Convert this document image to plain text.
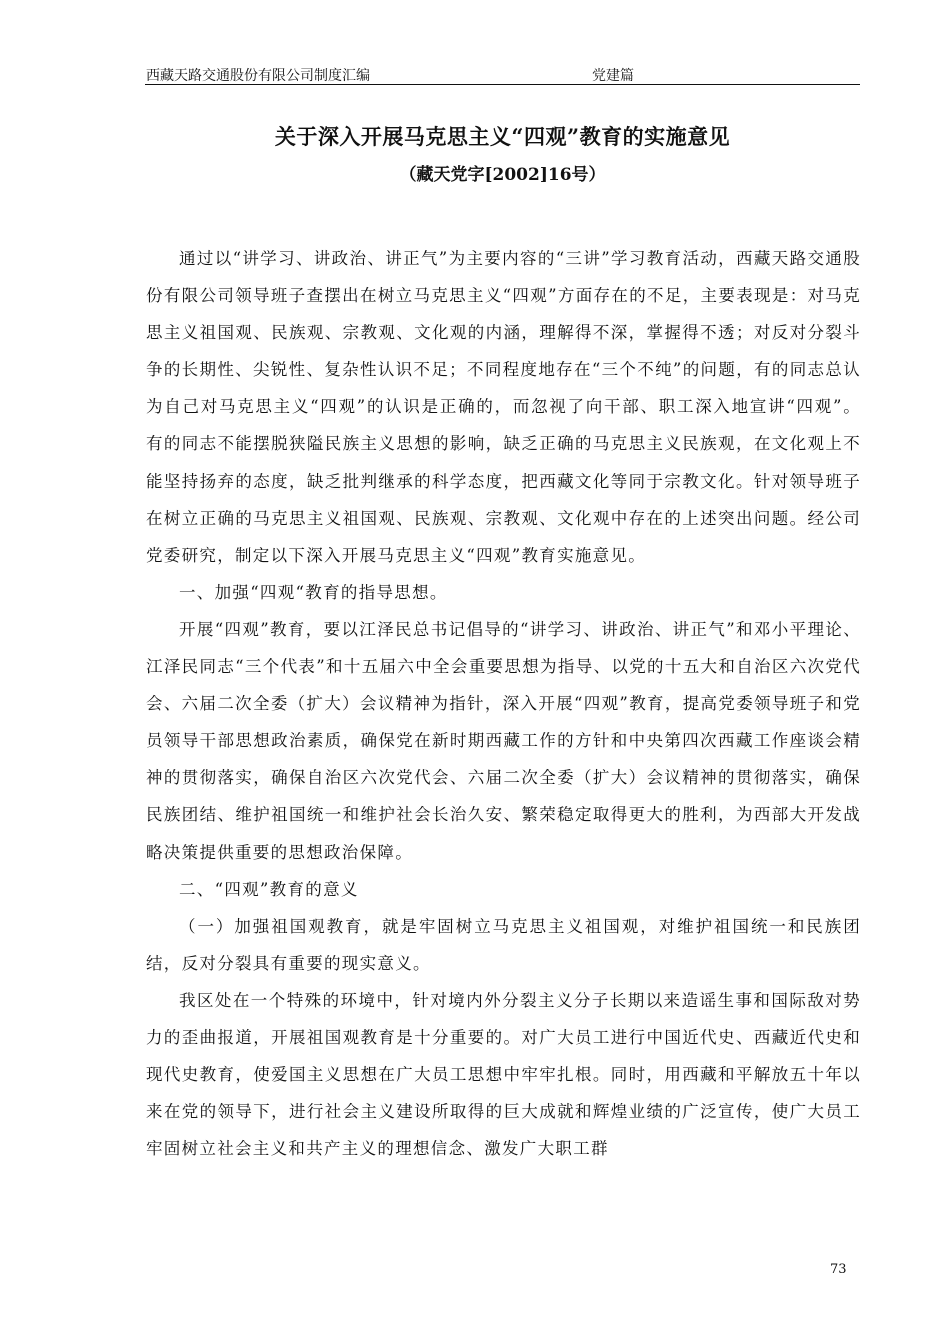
西藏天路交通股份有限公司制度汇编	党建篇
关于深入开展马克思主义“四观”教育的实施意见
（藏天党字[2002]16号）

通过以“讲学习、讲政治、讲正气”为主要内容的“三讲”学习教育活动，西藏天路交通股份有限公司领导班子查摆出在树立马克思主义“四观”方面存在的不足，主要表现是：对马克思主义祖国观、民族观、宗教观、文化观的内涵，理解得不深，掌握得不透；对反对分裂斗争的长期性、尖锐性、复杂性认识不足；不同程度地存在“三个不纯”的问题，有的同志总认为自己对马克思主义“四观”的认识是正确的，而忽视了向干部、职工深入地宣讲“四观”。有的同志不能摆脱狭隘民族主义思想的影响，缺乏正确的马克思主义民族观，在文化观上不能坚持扬弃的态度，缺乏批判继承的科学态度，把西藏文化等同于宗教文化。针对领导班子在树立正确的马克思主义祖国观、民族观、宗教观、文化观中存在的上述突出问题。经公司党委研究，制定以下深入开展马克思主义“四观”教育实施意见。

一、加强“四观“教育的指导思想。

开展“四观”教育，要以江泽民总书记倡导的“讲学习、讲政治、讲正气”和邓小平理论、江泽民同志“三个代表”和十五届六中全会重要思想为指导、以党的十五大和自治区六次党代会、六届二次全委（扩大）会议精神为指针，深入开展“四观”教育，提高党委领导班子和党员领导干部思想政治素质，确保党在新时期西藏工作的方针和中央第四次西藏工作座谈会精神的贯彻落实，确保自治区六次党代会、六届二次全委（扩大）会议精神的贯彻落实，确保民族团结、维护祖国统一和维护社会长治久安、繁荣稳定取得更大的胜利，为西部大开发战略决策提供重要的思想政治保障。

二、“四观”教育的意义

（一）加强祖国观教育，就是牢固树立马克思主义祖国观，对维护祖国统一和民族团结，反对分裂具有重要的现实意义。

我区处在一个特殊的环境中，针对境内外分裂主义分子长期以来造谣生事和国际敌对势力的歪曲报道，开展祖国观教育是十分重要的。对广大员工进行中国近代史、西藏近代史和现代史教育，使爱国主义思想在广大员工思想中牢牢扎根。同时，用西藏和平解放五十年以来在党的领导下，进行社会主义建设所取得的巨大成就和辉煌业绩的广泛宣传，使广大员工牢固树立社会主义和共产主义的理想信念、激发广大职工群

73
